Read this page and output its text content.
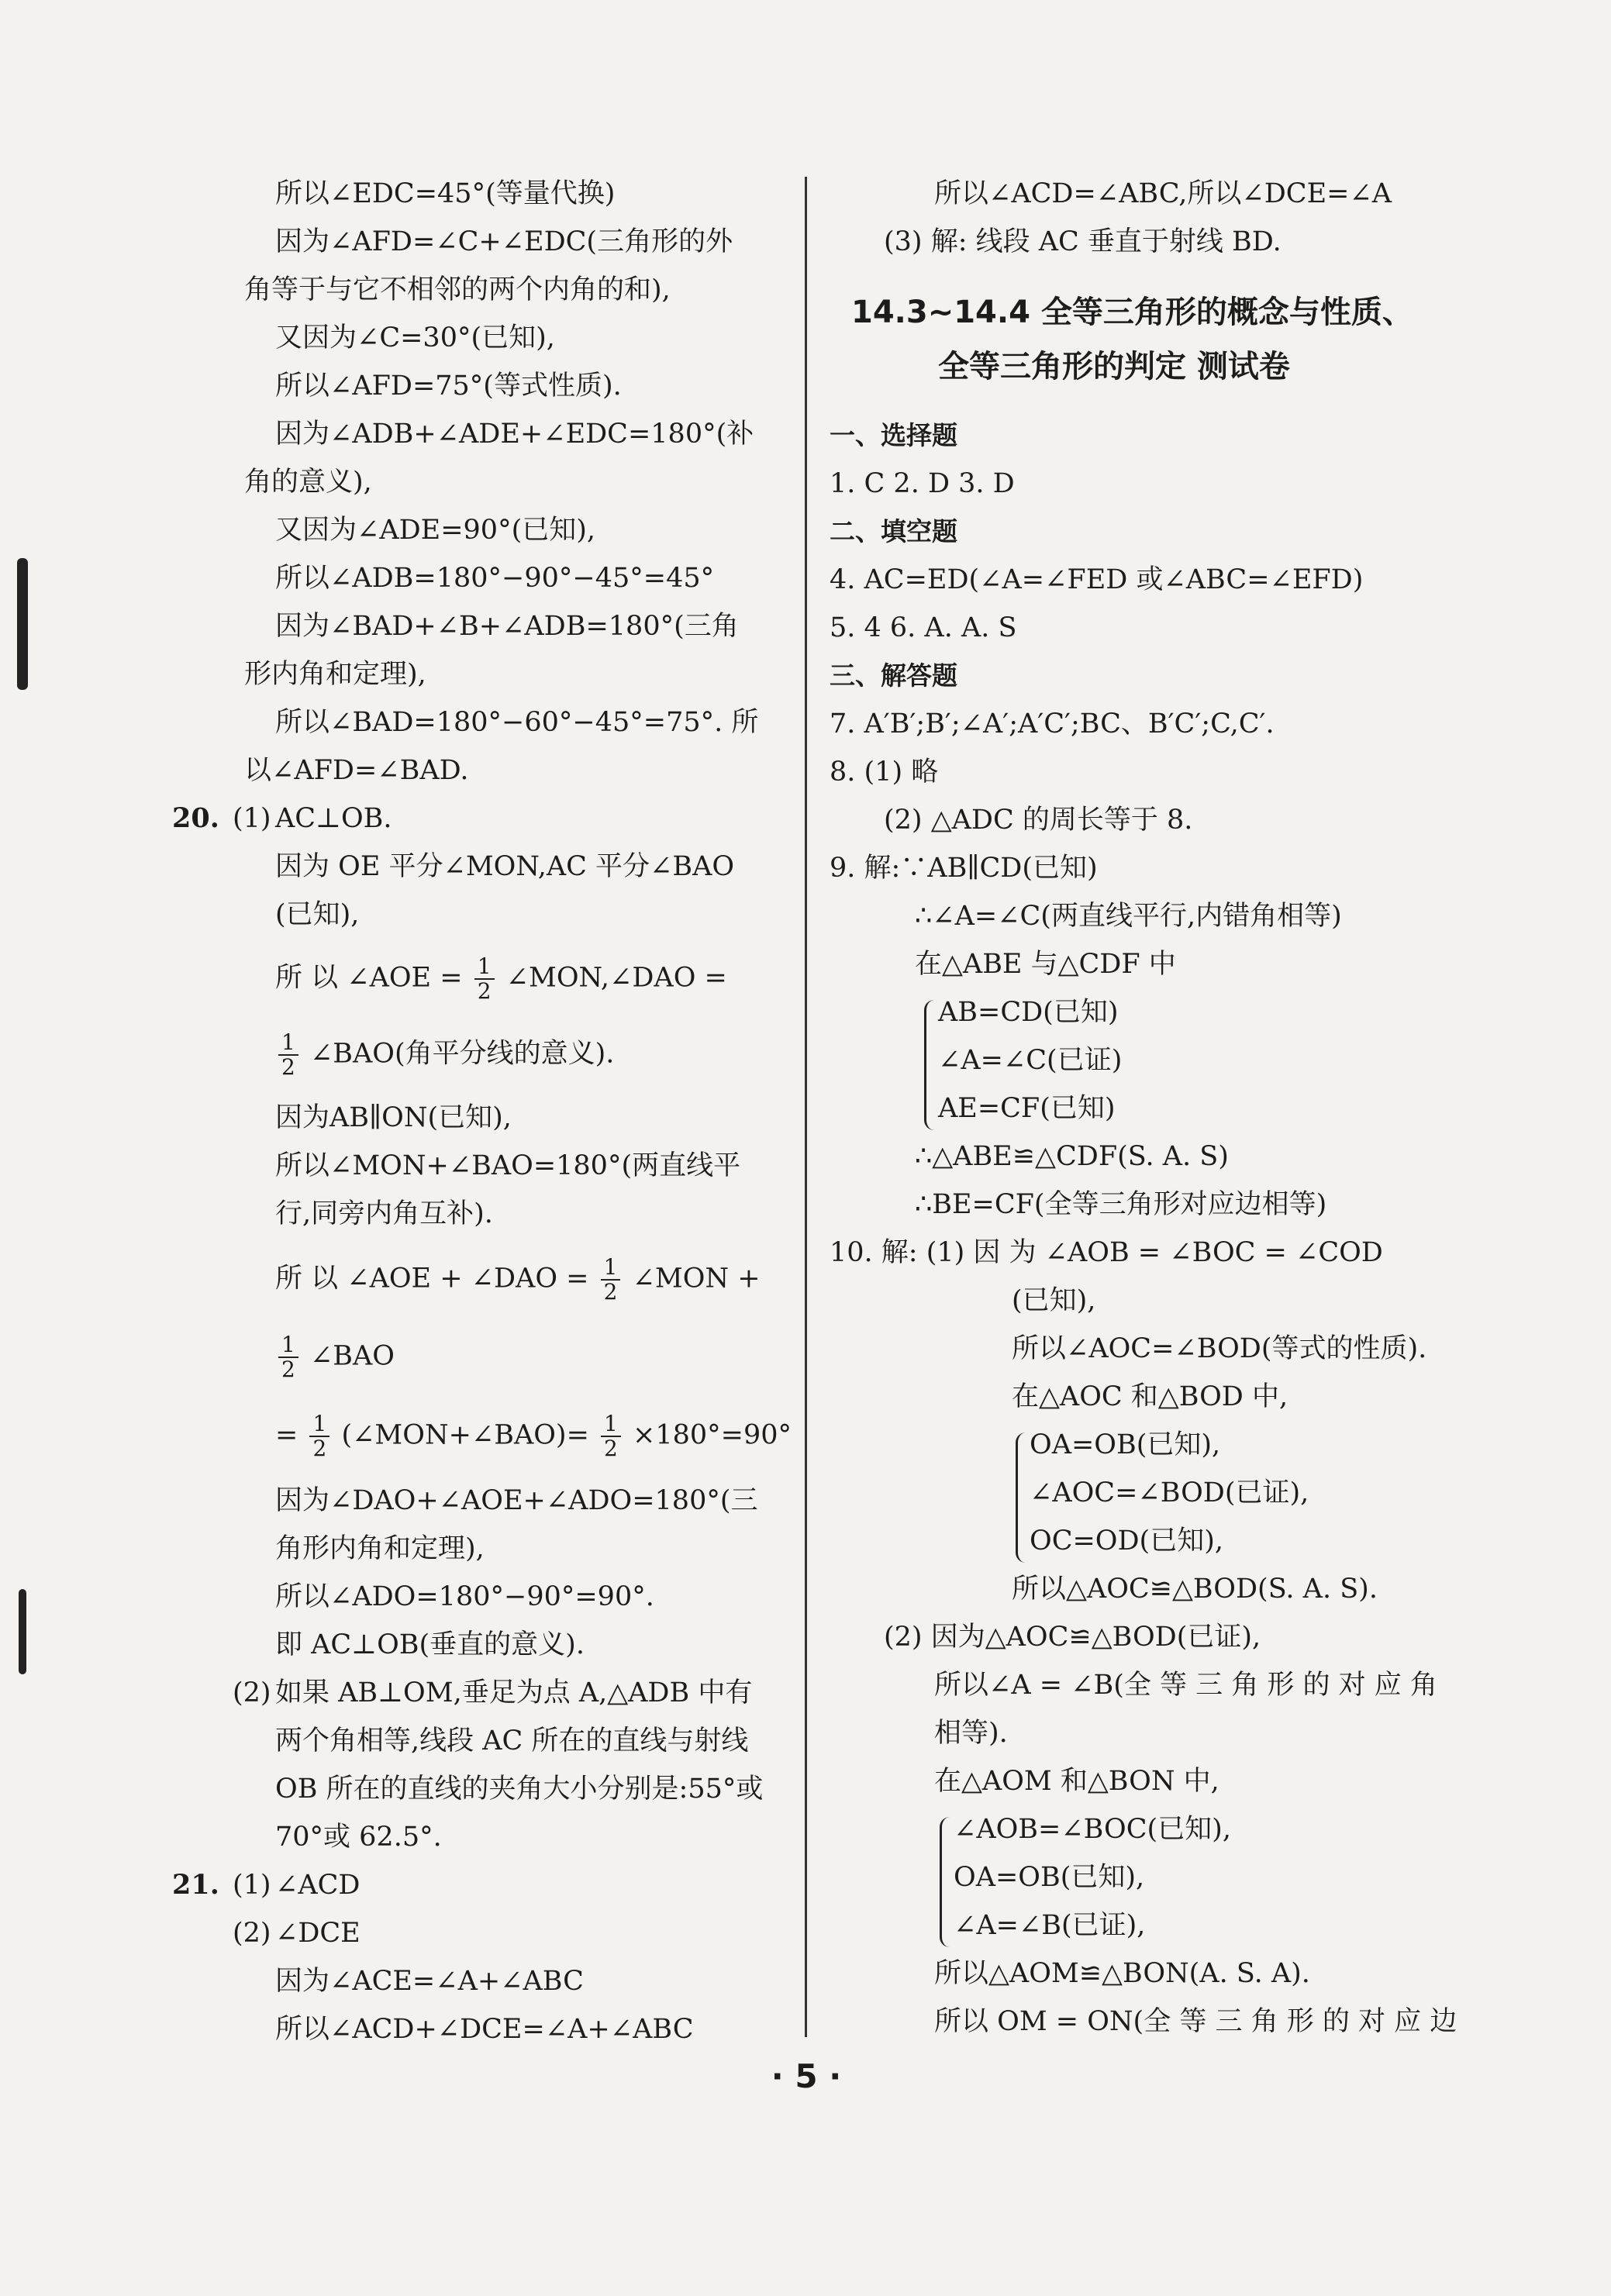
所以∠EDC=45°(等量代换)
因为∠AFD=∠C+∠EDC(三角形的外
角等于与它不相邻的两个内角的和),
又因为∠C=30°(已知),
所以∠AFD=75°(等式性质).
因为∠ADB+∠ADE+∠EDC=180°(补
角的意义),
又因为∠ADE=90°(已知),
所以∠ADB=180°−90°−45°=45°
因为∠BAD+∠B+∠ADB=180°(三角
形内角和定理),
所以∠BAD=180°−60°−45°=75°. 所
以∠AFD=∠BAD.
20. (1) AC⊥OB.
因为 OE 平分∠MON,AC 平分∠BAO
(已知),
所 以 ∠AOE = $\frac{1}{2}$ ∠MON,∠DAO =
$\frac{1}{2}$ ∠BAO(角平分线的意义).
因为AB∥ON(已知),
所以∠MON+∠BAO=180°(两直线平
行,同旁内角互补).
所 以 ∠AOE + ∠DAO = $\frac{1}{2}$ ∠MON +
$\frac{1}{2}$ ∠BAO
= $\frac{1}{2}$ (∠MON+∠BAO)= $\frac{1}{2} \times 180^\circ=90^\circ$
因为∠DAO+∠AOE+∠ADO=180°(三
角形内角和定理),
所以∠ADO=180°−90°=90°.
即 AC⊥OB(垂直的意义).
(2) 如果 AB⊥OM,垂足为点 A,△ADB 中有
两个角相等,线段 AC 所在的直线与射线
OB 所在的直线的夹角大小分别是:55°或
70°或 62.5°.
21. (1) ∠ACD
(2) ∠DCE
因为∠ACE=∠A+∠ABC
所以∠ACD+∠DCE=∠A+∠ABC
所以∠ACD=∠ABC,所以∠DCE=∠A
(3) 解: 线段 AC 垂直于射线 BD.
14.3~14.4 全等三角形的概念与性质、
全等三角形的判定 测试卷
一、选择题
1. C 2. D 3. D
二、填空题
4. AC=ED(∠A=∠FED 或∠ABC=∠EFD)
5. 4 6. A. A. S
三、解答题
7. A′B′;B′;∠A′;A′C′;BC、B′C′;C,C′.
8. (1) 略
(2) △ADC 的周长等于 8.
9. 解:∵AB∥CD(已知)
∴∠A=∠C(两直线平行,内错角相等)
在△ABE 与△CDF 中
AB=CD(已知)
∠A=∠C(已证)
AE=CF(已知)
∴△ABE≌△CDF(S. A. S)
∴BE=CF(全等三角形对应边相等)
10. 解: (1) 因 为 ∠AOB = ∠BOC = ∠COD
(已知),
所以∠AOC=∠BOD(等式的性质).
在△AOC 和△BOD 中,
OA=OB(已知),
∠AOC=∠BOD(已证),
OC=OD(已知),
所以△AOC≌△BOD(S. A. S).
(2) 因为△AOC≌△BOD(已证),
所以∠A = ∠B(全 等 三 角 形 的 对 应 角
相等).
在△AOM 和△BON 中,
∠AOB=∠BOC(已知),
OA=OB(已知),
∠A=∠B(已证),
所以△AOM≌△BON(A. S. A).
所以 OM = ON(全 等 三 角 形 的 对 应 边
· 5 ·
